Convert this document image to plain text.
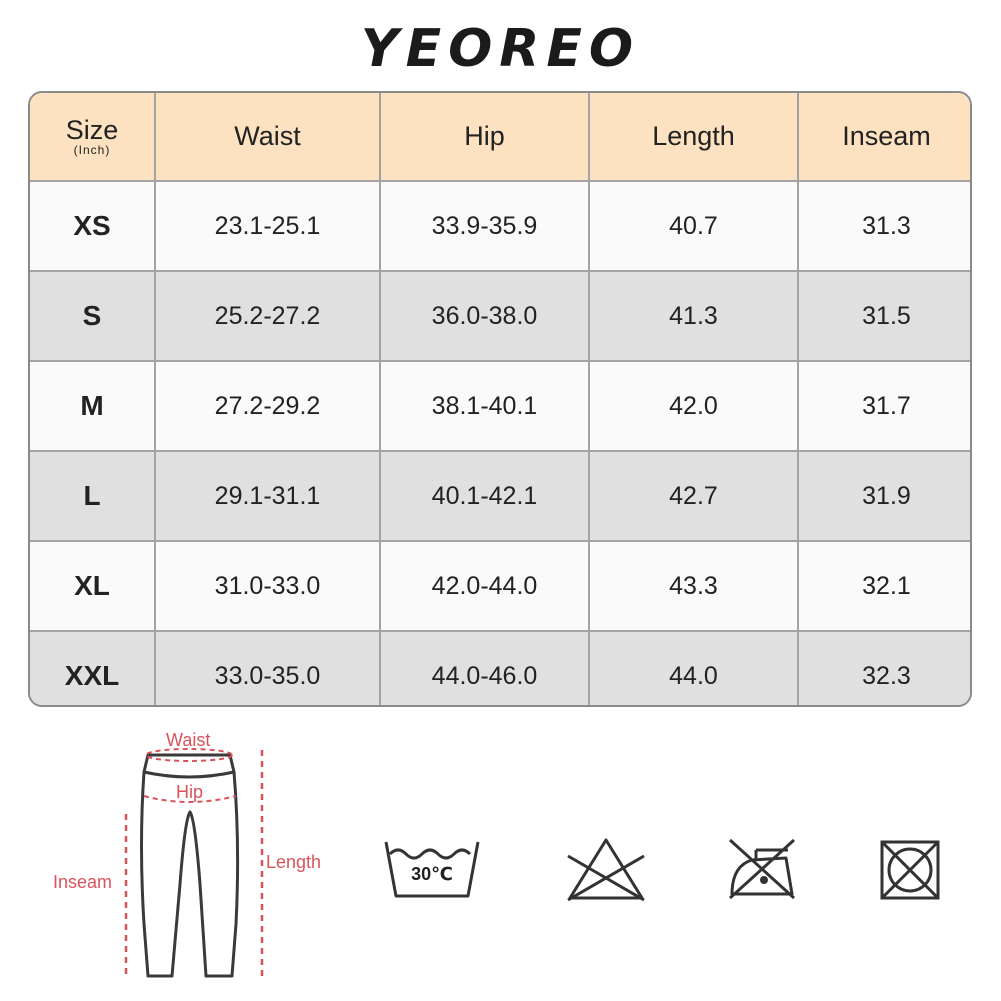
YEOREO
Size
(Inch)	Waist	Hip	Length	Inseam
XS	23.1-25.1	33.9-35.9	40.7	31.3
S	25.2-27.2	36.0-38.0	41.3	31.5
M	27.2-29.2	38.1-40.1	42.0	31.7
L	29.1-31.1	40.1-42.1	42.7	31.9
XL	31.0-33.0	42.0-44.0	43.3	32.1
XXL	33.0-35.0	44.0-46.0	44.0	32.3
Waist
Hip
Length
Inseam	30℃
